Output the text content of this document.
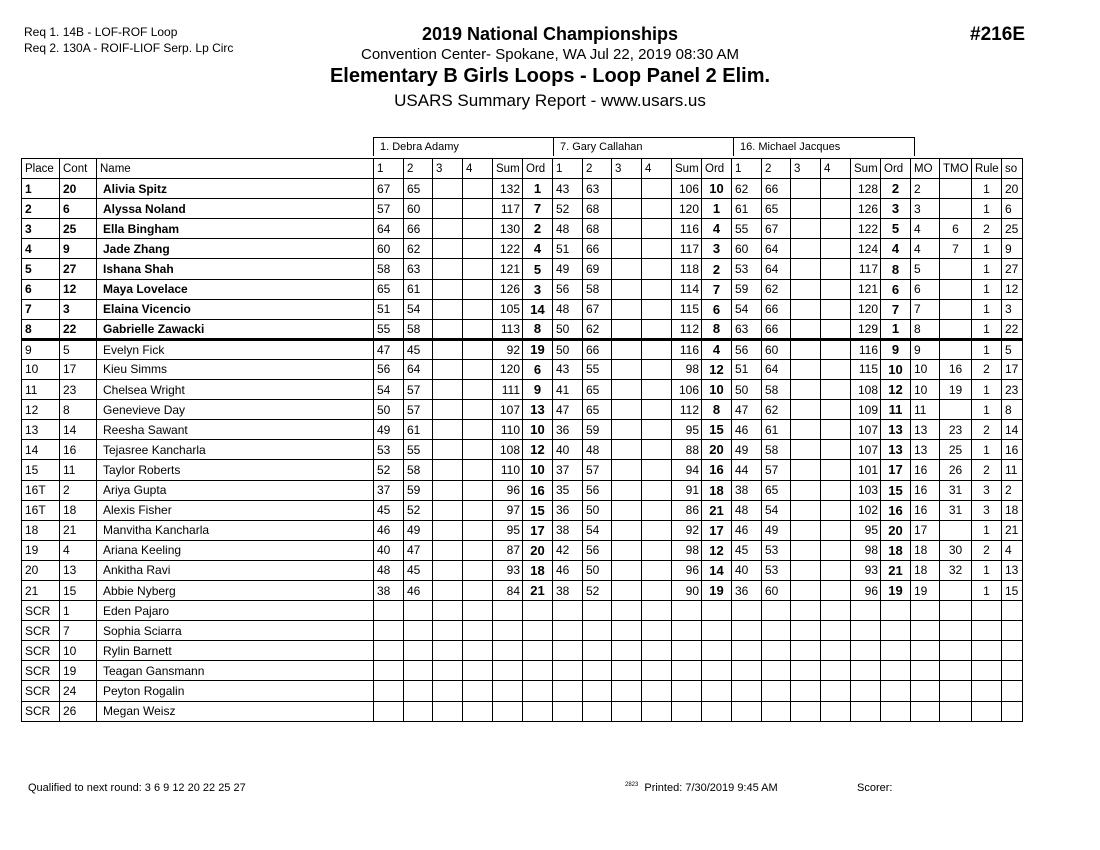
Req 1. 14B - LOF-ROF Loop
Req 2. 130A - ROIF-LIOF Serp. Lp Circ
2019 National Championships
Convention Center- Spokane, WA Jul 22, 2019 08:30 AM
Elementary B Girls Loops - Loop Panel 2 Elim.
USARS Summary Report - www.usars.us
#216E
1. Debra Adamy	7. Gary Callahan	16. Michael Jacques
Place	Cont	Name	1	2	3	4	Sum	Ord	1	2	3	4	Sum	Ord	1	2	3	4	Sum	Ord	MO	TMO	Rule	so
1	20	Alivia Spitz	67	65			132	1	43	63			106	10	62	66			128	2	2		1	20
2	6	Alyssa Noland	57	60			117	7	52	68			120	1	61	65			126	3	3		1	6
3	25	Ella Bingham	64	66			130	2	48	68			116	4	55	67			122	5	4	6	2	25
4	9	Jade Zhang	60	62			122	4	51	66			117	3	60	64			124	4	4	7	1	9
5	27	Ishana Shah	58	63			121	5	49	69			118	2	53	64			117	8	5		1	27
6	12	Maya Lovelace	65	61			126	3	56	58			114	7	59	62			121	6	6		1	12
7	3	Elaina Vicencio	51	54			105	14	48	67			115	6	54	66			120	7	7		1	3
8	22	Gabrielle Zawacki	55	58			113	8	50	62			112	8	63	66			129	1	8		1	22
9	5	Evelyn Fick	47	45			92	19	50	66			116	4	56	60			116	9	9		1	5
10	17	Kieu Simms	56	64			120	6	43	55			98	12	51	64			115	10	10	16	2	17
11	23	Chelsea Wright	54	57			111	9	41	65			106	10	50	58			108	12	10	19	1	23
12	8	Genevieve Day	50	57			107	13	47	65			112	8	47	62			109	11	11		1	8
13	14	Reesha Sawant	49	61			110	10	36	59			95	15	46	61			107	13	13	23	2	14
14	16	Tejasree Kancharla	53	55			108	12	40	48			88	20	49	58			107	13	13	25	1	16
15	11	Taylor Roberts	52	58			110	10	37	57			94	16	44	57			101	17	16	26	2	11
16T	2	Ariya Gupta	37	59			96	16	35	56			91	18	38	65			103	15	16	31	3	2
16T	18	Alexis Fisher	45	52			97	15	36	50			86	21	48	54			102	16	16	31	3	18
18	21	Manvitha Kancharla	46	49			95	17	38	54			92	17	46	49			95	20	17		1	21
19	4	Ariana Keeling	40	47			87	20	42	56			98	12	45	53			98	18	18	30	2	4
20	13	Ankitha Ravi	48	45			93	18	46	50			96	14	40	53			93	21	18	32	1	13
21	15	Abbie Nyberg	38	46			84	21	38	52			90	19	36	60			96	19	19		1	15
SCR	1	Eden Pajaro																						
SCR	7	Sophia Sciarra																						
SCR	10	Rylin Barnett																						
SCR	19	Teagan Gansmann																						
SCR	24	Peyton Rogalin																						
SCR	26	Megan Weisz																						
Qualified to next round: 3 6 9 12 20 22 25 27	$^{2823}$ Printed: 7/30/2019 9:45 AM	Scorer:
